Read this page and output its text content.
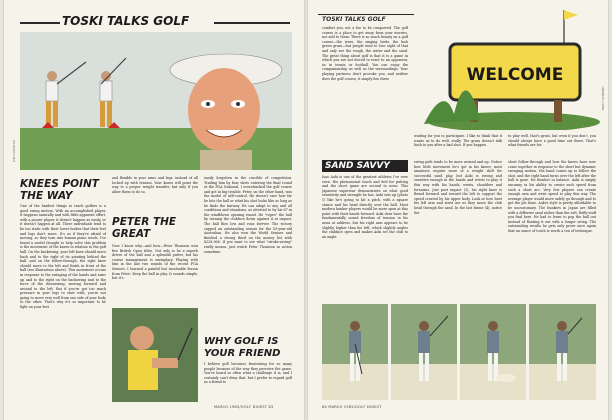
TOSKI TALKS GOLF
JOE GUSTAITIS
KNEES POINT THE WAY
One of the hardest things to teach golfers is a good swing motion. With an accomplished player, it happens naturally and with little apparent effort, with a poorer player, it doesn't happen as easily, or it doesn't happen at all. There individuals tend to be too static with their lower bodies that their feet and legs don't move. It's as if they're afraid of moving, so they turn into human piano stools. I've found a useful thought to help solve this problem is the movement of the knees in relation to the golf ball. On the backswing, your left knee should move back and to the right of its pointing behind the ball, and on the follow-through, the right knee should move to the left and finish in front of the ball (see illustration above). This movement occurs in response to the swinging of the hands and arms up and to the right on the backswing and to the force of the downswing, moving forward and around to the left. But if you've got too much pressure in your legs to start with, you're not going to move very well from one side of your body to the other. That's why it's so important to be light on your feet
and flexible in your arms and legs, instead of all locked up with tension. Your knees will point the way to a proper weight transfer, but only if you allow them to do so.
PETER THE GREAT
Now I know why—and how—Peter Thomson won five British Open titles. Not only is he a superb driver of the ball and a splendid putter, but his course management is exemplary. Playing with him in the last two rounds of the recent PGA Seniors, I learned a painful but invaluable lesson from Peter: Keep the ball in play. It sounds simple, but it's
easily forgotten in the crucible of competition. Trailing him by four shots entering the final round at the PGA National, I overattacked the golf course and got in big trouble. Peter, on the other hand, was the model of self-control. He doesn't care how far he hits the ball or what his shot looks like as long as he finds the fairway. He can adapt to any and all conditions and situations, as attested to by his 67 in the windblown opening round. He "ropes" the ball by turning the clubface down against it at impact. The ball flies low and runs forever. The victory capped an outstanding season for the 55-year-old Australian. He also won the World Seniors and finished a strong third on the money list with $228,968. If you want to see what "stroke-saving" really means, just watch Peter Thomson in action sometime.
WHY GOLF IS YOUR FRIEND
I believe golf becomes frustrating for so many people because of the way they perceive the game. You've heard so often what a challenge it is, and I certainly can't deny that, but I prefer to regard golf as a friend to
MARCH 1985/GOLF DIGEST 83
TOSKI TALKS GOLF
comfort you, not a foe to be conquered. The golf course is a place to get away from your worries, not add to them. There is so much beauty on a golf course—the trees, the singing birds, the lush green grass—but people tend to lose sight of that and only see the rough, the water and the sand. The great thing about golf is that it is a game in which you are not forced to react to an opponent, as in tennis or football. You can enjoy the companionship as well as the surroundings. Your playing partners don't provoke you, and neither does the golf course; it simply lies there	WELCOME
TRACY SCHMIDT
waiting for you to participate. I like to think that it wants us to do well, really. The grass doesn't talk back to you after a bad shot. If you happen
to play well, that's great, but even if you don't, you should always have a good time out there. That's what friends are for.
SAND SAVVY
Isao Aoki is one of the greatest athletes I've ever seen. His phenomenal touch and feel for putting and the short game are second to none. This Japanese superstar demonstrates on what good sensitivity and strength he has. Aoki sets up (photo 1) like he's going to hit a pitch, with a square stance and his head directly over the ball. Most modern bunker players would be more open at this point with their hands forward. Aoki does have the fundamentally sound freedom of tension in his arms at address, but his right arm appears to be slightly higher than his left, which slightly angles the clubface open and makes Aoki set the club to an angle.
swing path tends to be more around and up. Notice how little movement he's got in his knees; most amateurs require more of a weight shift for successful sand play, but Aoki is strong and sensitive enough in the hands and wrists to play it this way with his hands, wrists, shoulders and forearms. Just past impact (3), his right knee is flexed forward and toward the left to support the speed created by his upper body. Look at how bent his left arm and wrist are as they move the club head through the sand. In the last frame (4), notice the
short follow-through and how the knees have now come together in response to the short but dynamic swinging motion. His hand comes up to follow the shot, and the right hand turns over the left after the ball is gone. He finishes in balance. Aoki is simply uncanny in his ability to create such speed from such a short arc. Very few players can create enough arm and wrist speed to play this way. The average player would more safely go through and to get the job done. Aoki's style is pretty affordable to be uncustomary. The bunkers in Japan are filled with a different sand rather than the soft, fluffy stuff you find here. He had to learn to pop the ball out instead of floating it out with a longer swing. The outstanding results he gets only prove once again that an ounce of touch is worth a ton of technique.
84 MARCH 1985/GOLF DIGEST
